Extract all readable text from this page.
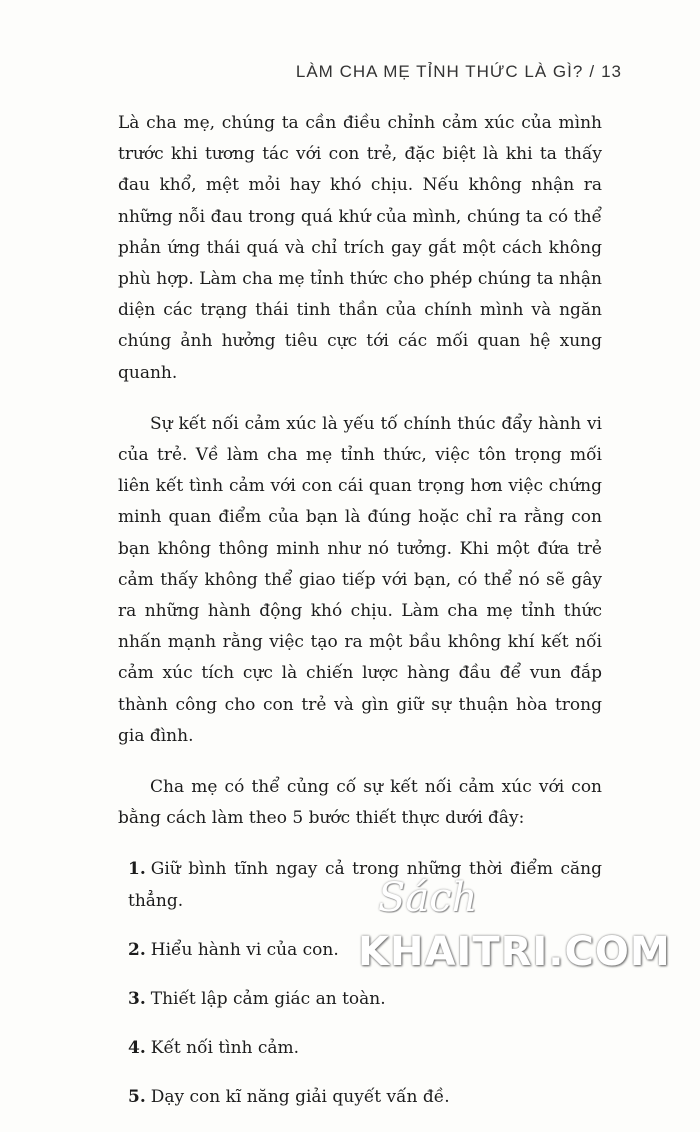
LÀM CHA MẸ TỈNH THỨC LÀ GÌ? / 13

Là cha mẹ, chúng ta cần điều chỉnh cảm xúc của mình trước khi tương tác với con trẻ, đặc biệt là khi ta thấy đau khổ, mệt mỏi hay khó chịu. Nếu không nhận ra những nỗi đau trong quá khứ của mình, chúng ta có thể phản ứng thái quá và chỉ trích gay gắt một cách không phù hợp. Làm cha mẹ tỉnh thức cho phép chúng ta nhận diện các trạng thái tinh thần của chính mình và ngăn chúng ảnh hưởng tiêu cực tới các mối quan hệ xung quanh.

Sự kết nối cảm xúc là yếu tố chính thúc đẩy hành vi của trẻ. Về làm cha mẹ tỉnh thức, việc tôn trọng mối liên kết tình cảm với con cái quan trọng hơn việc chứng minh quan điểm của bạn là đúng hoặc chỉ ra rằng con bạn không thông minh như nó tưởng. Khi một đứa trẻ cảm thấy không thể giao tiếp với bạn, có thể nó sẽ gây ra những hành động khó chịu. Làm cha mẹ tỉnh thức nhấn mạnh rằng việc tạo ra một bầu không khí kết nối cảm xúc tích cực là chiến lược hàng đầu để vun đắp thành công cho con trẻ và gìn giữ sự thuận hòa trong gia đình.

Cha mẹ có thể củng cố sự kết nối cảm xúc với con bằng cách làm theo 5 bước thiết thực dưới đây:

1. Giữ bình tĩnh ngay cả trong những thời điểm căng thẳng.
2. Hiểu hành vi của con.
3. Thiết lập cảm giác an toàn.
4. Kết nối tình cảm.
5. Dạy con kĩ năng giải quyết vấn đề.
Sách
KHAITRI.COM
